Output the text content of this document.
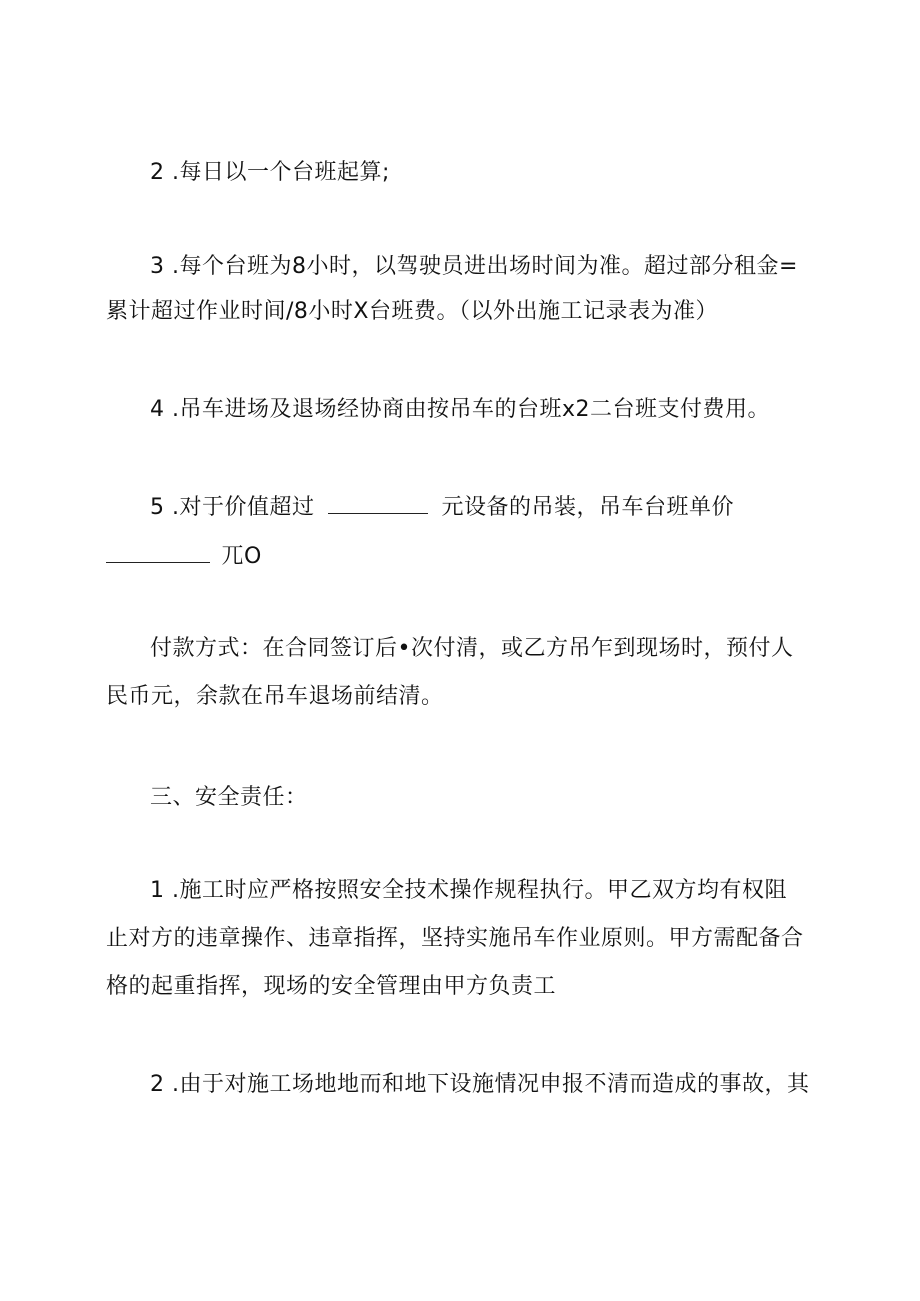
2 .每日以一个台班起算;
3 .每个台班为8小时，以驾驶员进出场时间为准。超过部分租金=
累计超过作业时间/8小时X台班费。（以外出施工记录表为准）
4 .吊车进场及退场经协商由按吊车的台班x2二台班支付费用。
5 .对于价值超过	元设备的吊装，吊车台班单价
兀O
付款方式：在合同签订后•次付清，或乙方吊乍到现场时，预付人
民币元，余款在吊车退场前结清。
三、安全责任：
1 .施工时应严格按照安全技术操作规程执行。甲乙双方均有权阻
止对方的违章操作、违章指挥，坚持实施吊车作业原则。甲方需配备合
格的起重指挥，现场的安全管理由甲方负责工
2 .由于对施工场地地而和地下设施情况申报不清而造成的事故，其
